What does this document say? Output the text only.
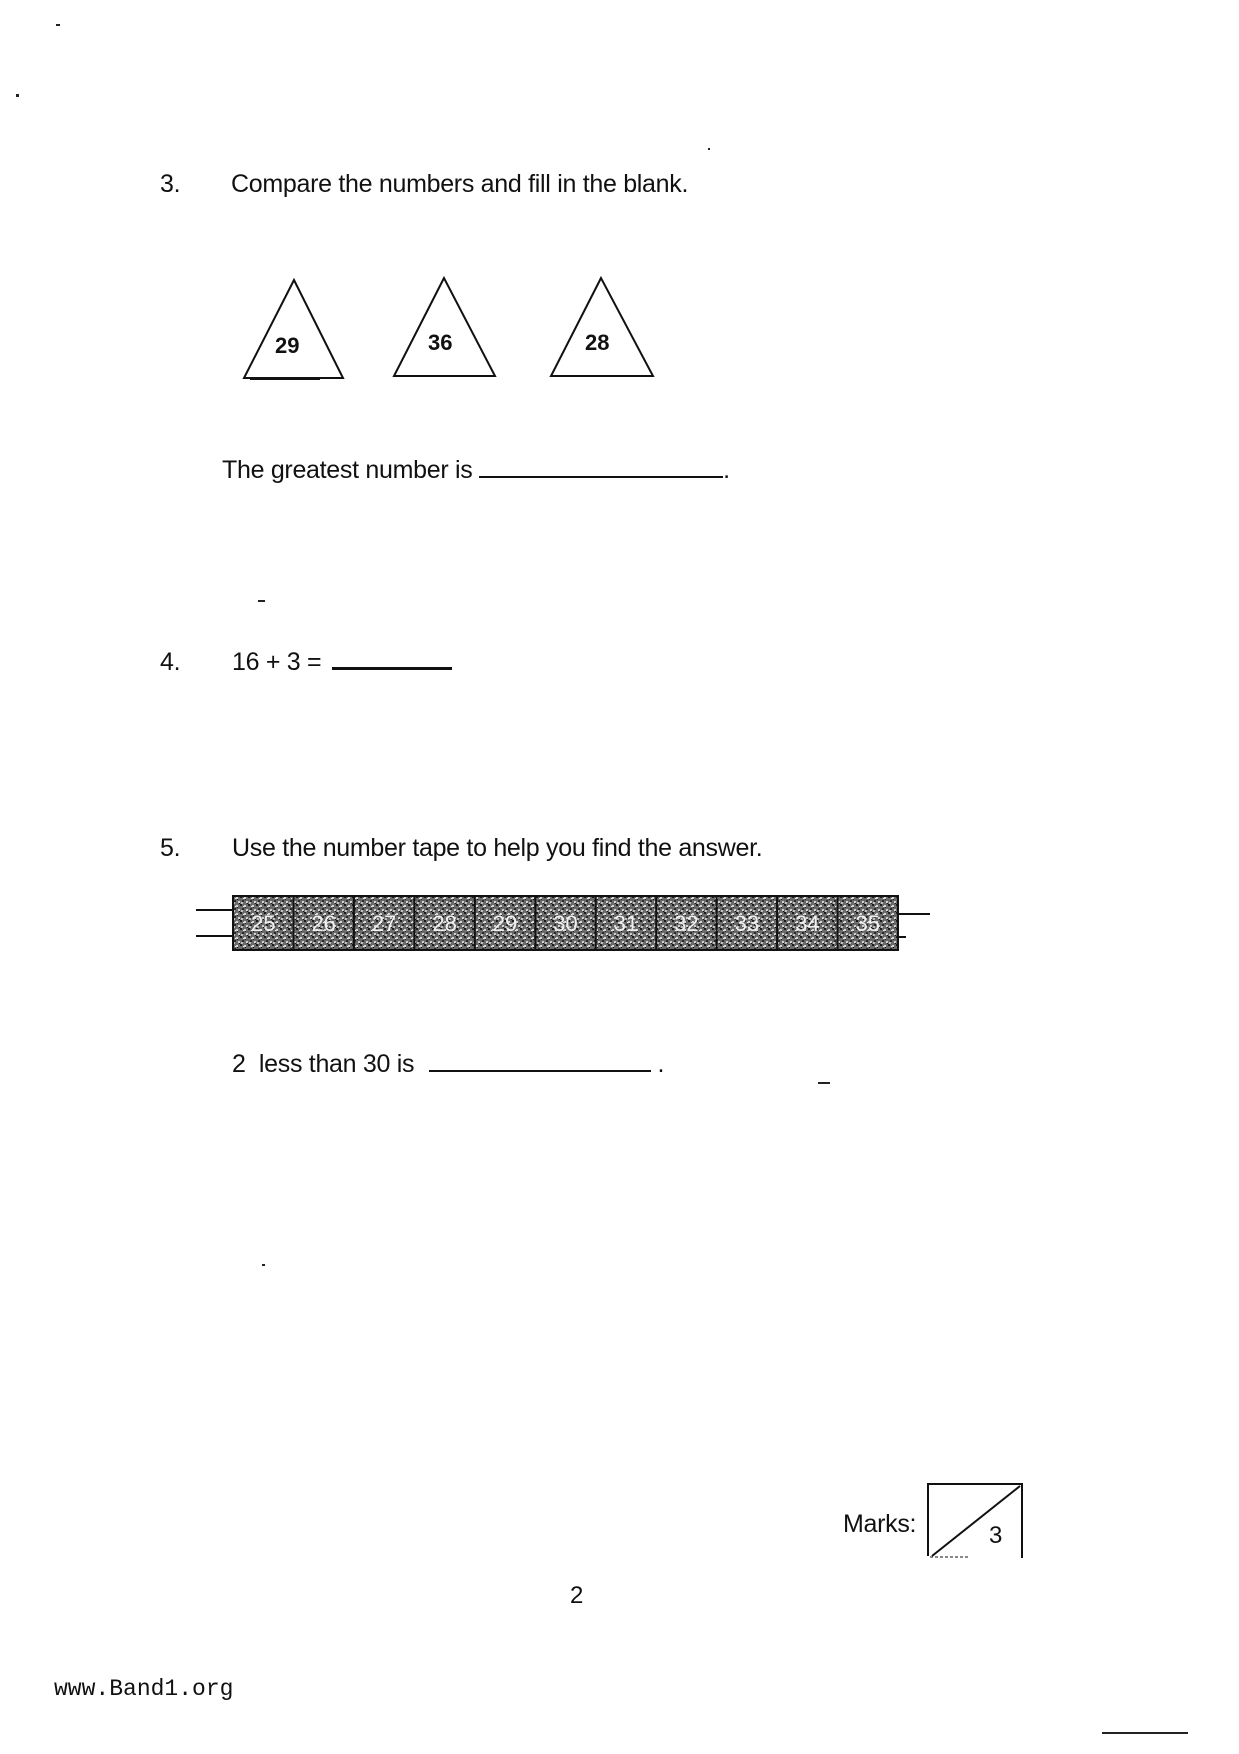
3. Compare the numbers and fill in the blank.
29	36	28
The greatest number is	.
4. 16 + 3 =
5. Use the number tape to help you find the answer.
25 26 27 28 29 30 31 32 33 34 35
2  less than 30 is	.
Marks:	3
2
www.Band1.org
